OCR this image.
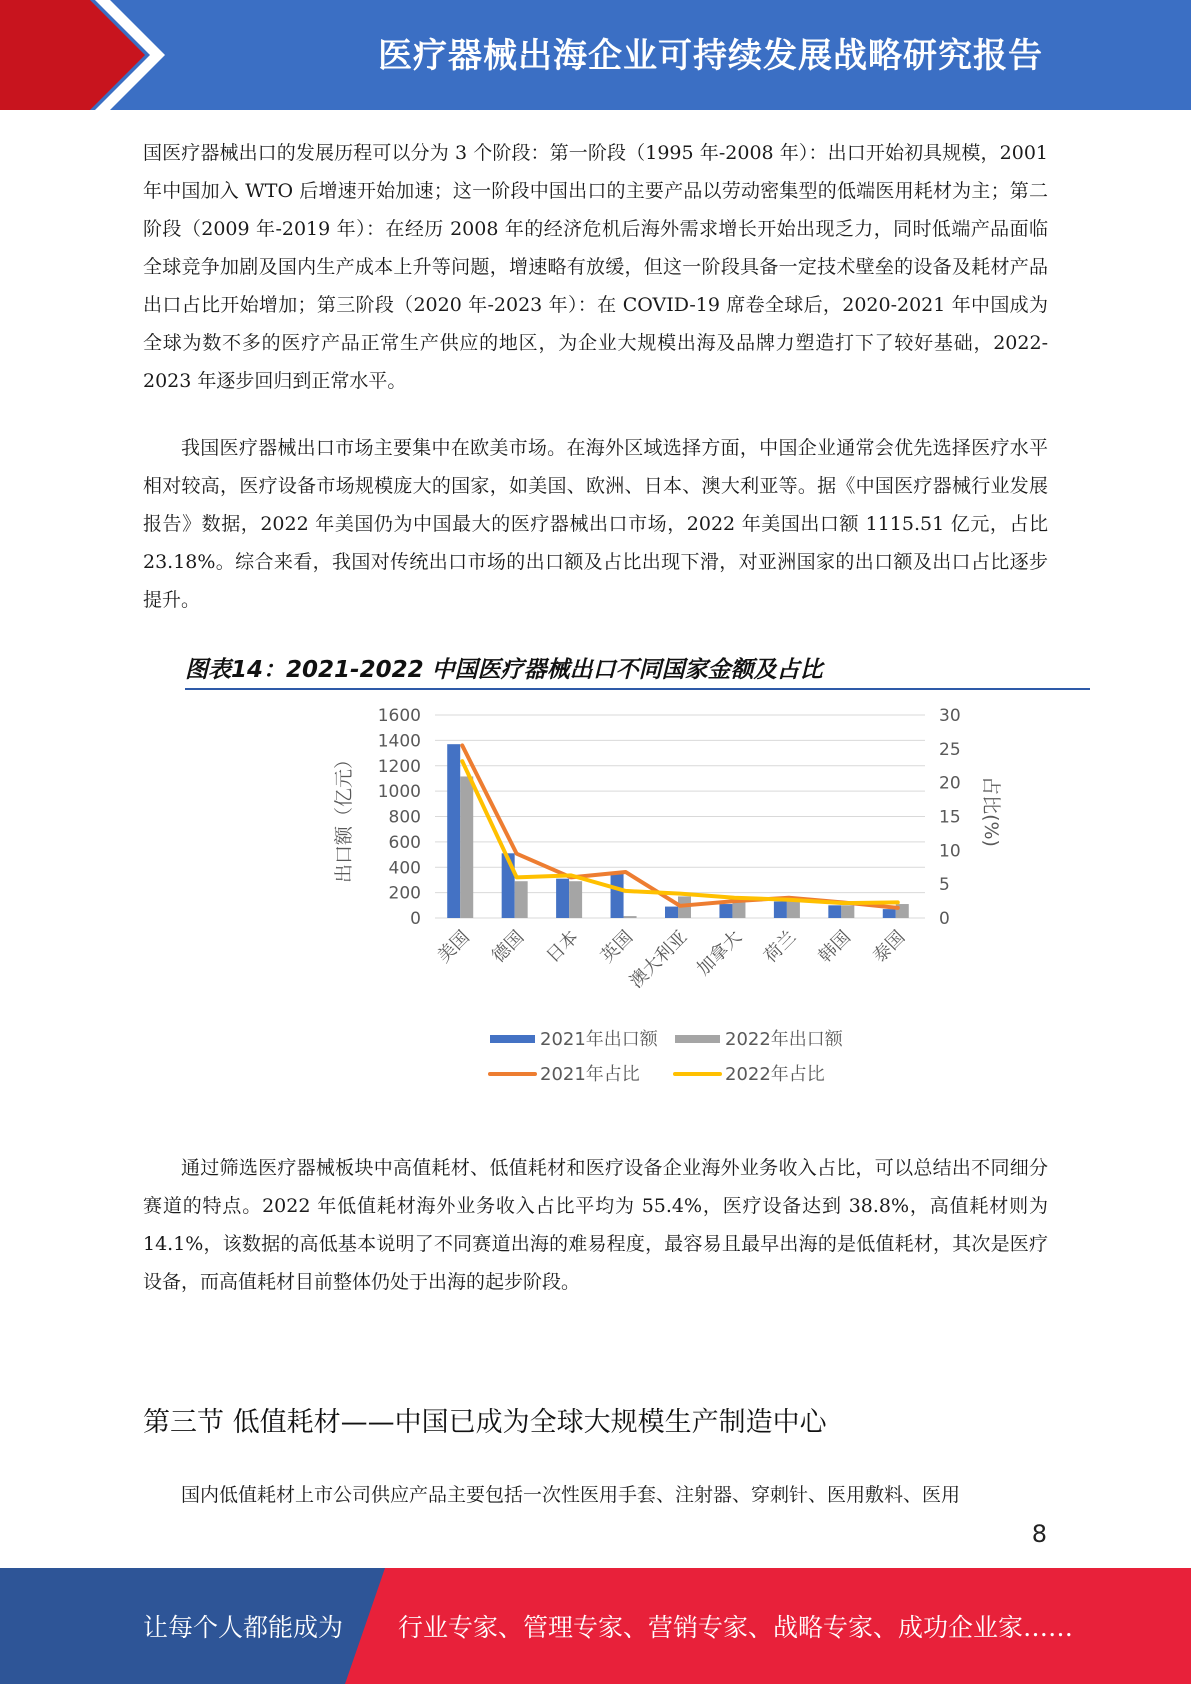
医疗器械出海企业可持续发展战略研究报告

国医疗器械出口的发展历程可以分为 3 个阶段：第一阶段（1995 年-2008 年）：出口开始初具规模，2001 年中国加入 WTO 后增速开始加速；这一阶段中国出口的主要产品以劳动密集型的低端医用耗材为主；第二阶段（2009 年-2019 年）：在经历 2008 年的经济危机后海外需求增长开始出现乏力，同时低端产品面临全球竞争加剧及国内生产成本上升等问题，增速略有放缓，但这一阶段具备一定技术壁垒的设备及耗材产品出口占比开始增加；第三阶段（2020 年-2023 年）：在 COVID-19 席卷全球后，2020-2021 年中国成为全球为数不多的医疗产品正常生产供应的地区，为企业大规模出海及品牌力塑造打下了较好基础，2022-2023 年逐步回归到正常水平。

我国医疗器械出口市场主要集中在欧美市场。在海外区域选择方面，中国企业通常会优先选择医疗水平相对较高，医疗设备市场规模庞大的国家，如美国、欧洲、日本、澳大利亚等。据《中国医疗器械行业发展报告》数据，2022 年美国仍为中国最大的医疗器械出口市场，2022 年美国出口额 1115.51 亿元，占比 23.18%。综合来看，我国对传统出口市场的出口额及占比出现下滑，对亚洲国家的出口额及出口占比逐步提升。

图表14：2021-2022 中国医疗器械出口不同国家金额及占比
0
200
400
600
800
1000
1200
1400
1600
0
5
10
15
20
25
30
出口额（亿元）	占比(%)
美国 德国 日本 英国
澳大利亚 加拿大 荷兰 韩国 泰国
2021年出口额	2022年出口额
2021年占比	2022年占比

通过筛选医疗器械板块中高值耗材、低值耗材和医疗设备企业海外业务收入占比，可以总结出不同细分赛道的特点。2022 年低值耗材海外业务收入占比平均为 55.4%，医疗设备达到 38.8%，高值耗材则为 14.1%，该数据的高低基本说明了不同赛道出海的难易程度，最容易且最早出海的是低值耗材，其次是医疗设备，而高值耗材目前整体仍处于出海的起步阶段。

第三节 低值耗材——中国已成为全球大规模生产制造中心

国内低值耗材上市公司供应产品主要包括一次性医用手套、注射器、穿刺针、医用敷料、医用

8
让每个人都能成为 行业专家、管理专家、营销专家、战略专家、成功企业家……
